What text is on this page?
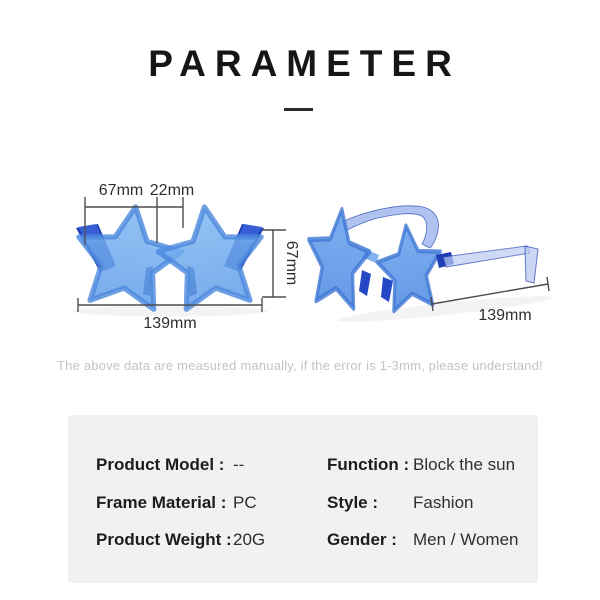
PARAMETER
67mm 22mm
67mm
139mm	139mm
The above data are measured manually, if the error is 1-3mm, please understand!
Product Model : --	Function : Block the sun
Frame Material : PC	Style : Fashion
Product Weight : 20G	Gender : Men / Women
